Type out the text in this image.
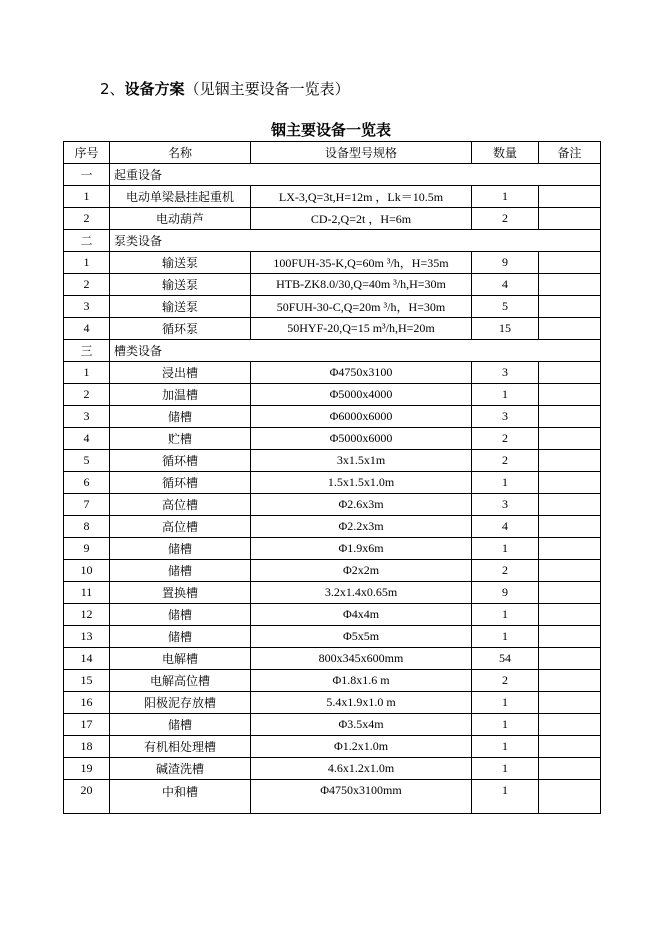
2、设备方案（见铟主要设备一览表）
铟主要设备一览表
序号	名称	设备型号规格	数量	备注
一	起重设备			
1	电动单梁悬挂起重机	LX-3,Q=3t,H=12m ，Lk＝10.5m	1	
2	电动葫芦	CD-2,Q=2t ，H=6m	2	
二	泵类设备			
1	输送泵	100FUH-35-K,Q=60m ³/h，H=35m	9	
2	输送泵	HTB-ZK8.0/30,Q=40m ³/h,H=30m	4	
3	输送泵	50FUH-30-C,Q=20m ³/h，H=30m	5	
4	循环泵	50HYF-20,Q=15 m³/h,H=20m	15	
三	槽类设备			
1	浸出槽	Φ4750x3100	3	
2	加温槽	Φ5000x4000	1	
3	储槽	Φ6000x6000	3	
4	贮槽	Φ5000x6000	2	
5	循环槽	3x1.5x1m	2	
6	循环槽	1.5x1.5x1.0m	1	
7	高位槽	Φ2.6x3m	3	
8	高位槽	Φ2.2x3m	4	
9	储槽	Φ1.9x6m	1	
10	储槽	Φ2x2m	2	
11	置换槽	3.2x1.4x0.65m	9	
12	储槽	Φ4x4m	1	
13	储槽	Φ5x5m	1	
14	电解槽	800x345x600mm	54	
15	电解高位槽	Φ1.8x1.6 m	2	
16	阳极泥存放槽	5.4x1.9x1.0 m	1	
17	储槽	Φ3.5x4m	1	
18	有机相处理槽	Φ1.2x1.0m	1	
19	碱渣洗槽	4.6x1.2x1.0m	1	
20	中和槽	Φ4750x3100mm	1	
